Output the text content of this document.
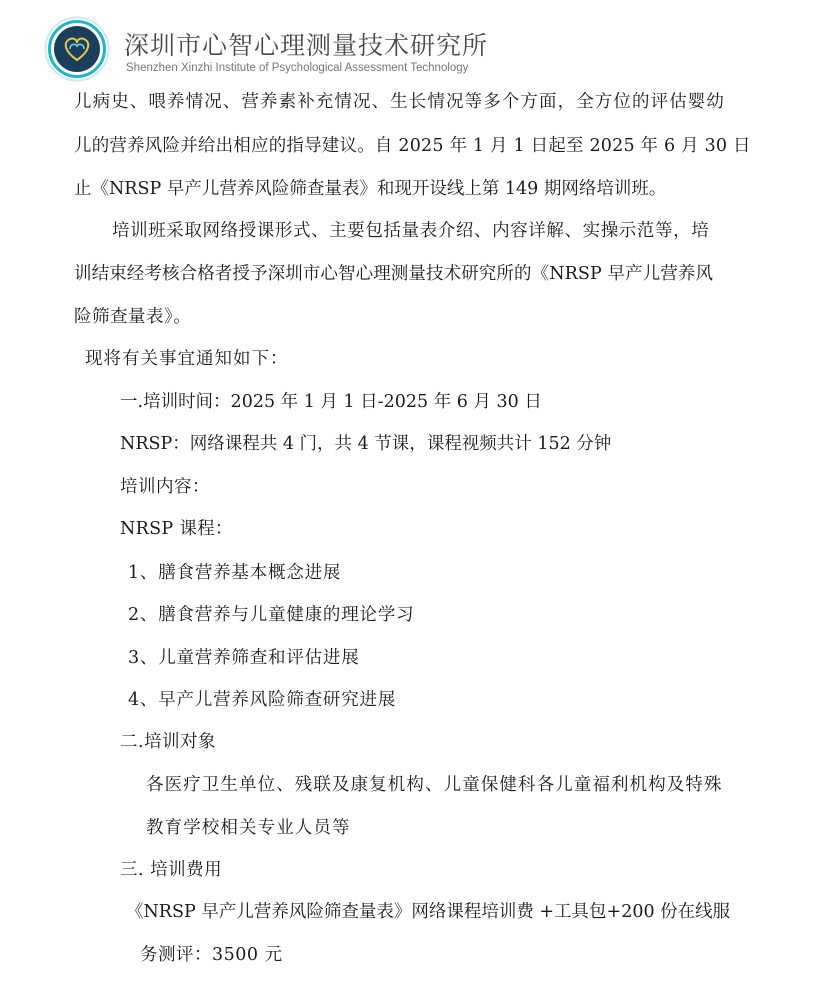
深圳市心智心理测量技术研究所
Shenzhen Xinzhi Institute of Psychological Assessment Technology
儿病史、喂养情况、营养素补充情况、生长情况等多个方面，全方位的评估婴幼
儿的营养风险并给出相应的指导建议。自 2025 年 1 月 1 日起至 2025 年 6 月 30 日
止《NRSP 早产儿营养风险筛查量表》和现开设线上第 149 期网络培训班。
培训班采取网络授课形式、主要包括量表介绍、内容详解、实操示范等，培
训结束经考核合格者授予深圳市心智心理测量技术研究所的《NRSP 早产儿营养风
险筛查量表》。
现将有关事宜通知如下：
一.培训时间：2025 年 1 月 1 日-2025 年 6 月 30 日
NRSP：网络课程共 4 门，共 4 节课，课程视频共计 152 分钟
培训内容：
NRSP 课程：
1、膳食营养基本概念进展
2、膳食营养与儿童健康的理论学习
3、儿童营养筛查和评估进展
4、早产儿营养风险筛查研究进展
二.培训对象
各医疗卫生单位、残联及康复机构、儿童保健科各儿童福利机构及特殊
教育学校相关专业人员等
三. 培训费用
《NRSP 早产儿营养风险筛查量表》网络课程培训费 +工具包+200 份在线服
务测评：3500 元
